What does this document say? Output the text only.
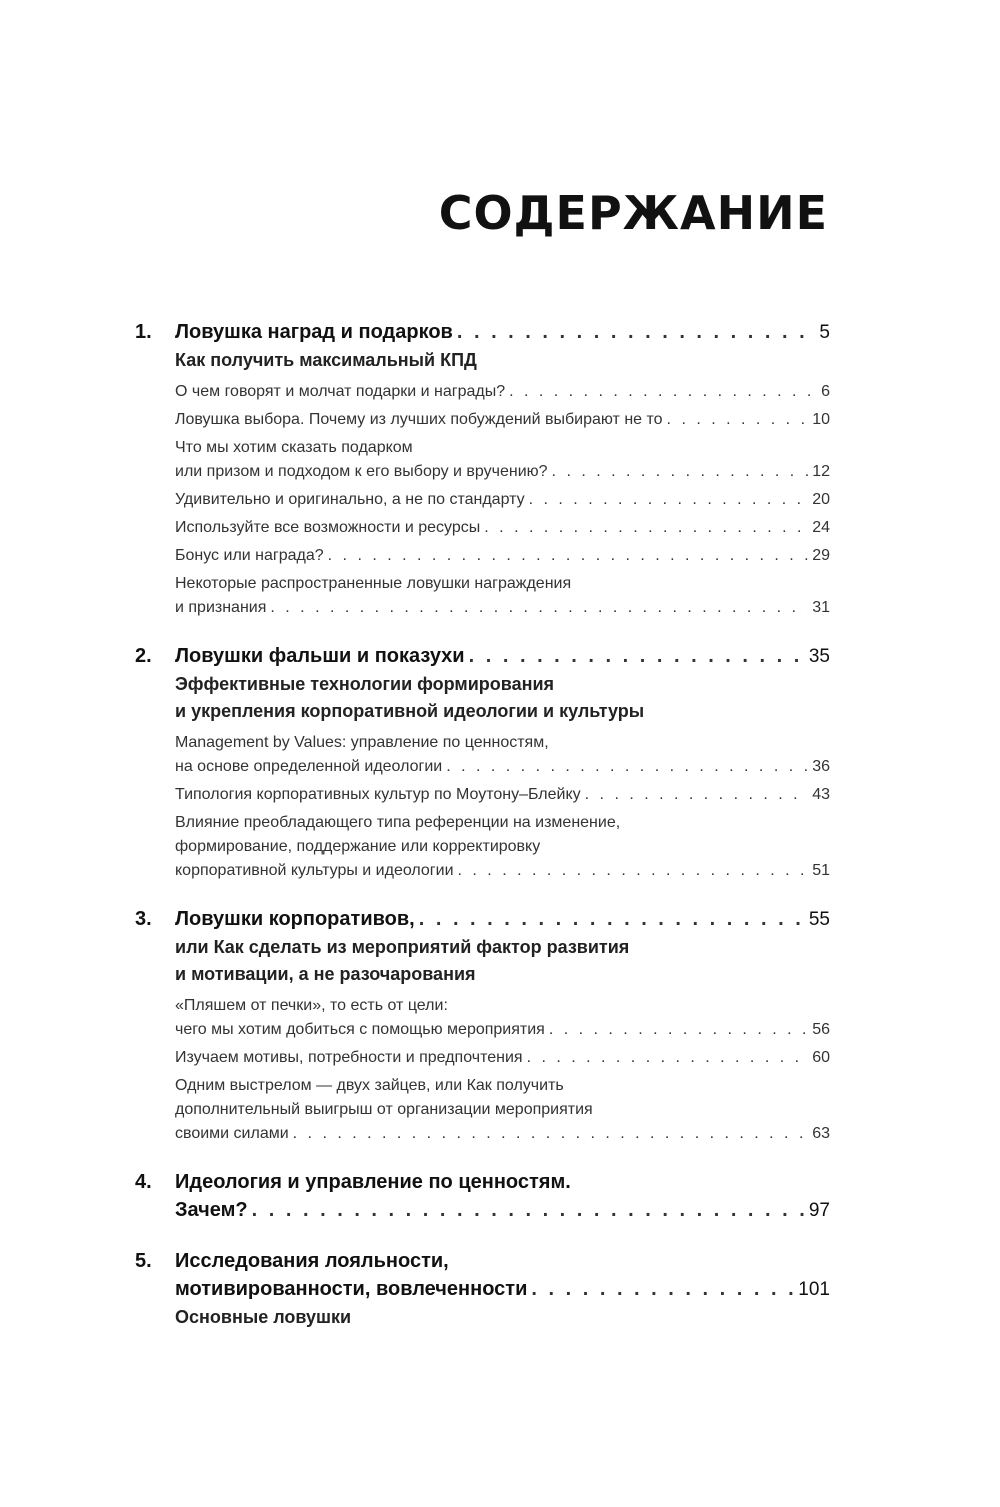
СОДЕРЖАНИЕ
1. Ловушка наград и подарков . . .	5
Как получить максимальный КПД
О чем говорят и молчат подарки и награды? . . .	6
Ловушка выбора. Почему из лучших побуждений выбирают не то . . .	10
Что мы хотим сказать подарком
или призом и подходом к его выбору и вручению? . . .	12
Удивительно и оригинально, а не по стандарту . . .	20
Используйте все возможности и ресурсы . . .	24
Бонус или награда? . . .	29
Некоторые распространенные ловушки награждения
и признания . . .	31
2. Ловушки фальши и показухи . . .	35
Эффективные технологии формирования
и укрепления корпоративной идеологии и культуры
Management by Values: управление по ценностям,
на основе определенной идеологии . . .	36
Типология корпоративных культур по Моутону–Блейку . . .	43
Влияние преобладающего типа референции на изменение,
формирование, поддержание или корректировку
корпоративной культуры и идеологии . . .	51
3. Ловушки корпоративов, . . .	55
или Как сделать из мероприятий фактор развития
и мотивации, а не разочарования
«Пляшем от печки», то есть от цели:
чего мы хотим добиться с помощью мероприятия . . .	56
Изучаем мотивы, потребности и предпочтения . . .	60
Одним выстрелом — двух зайцев, или Как получить
дополнительный выигрыш от организации мероприятия
своими силами . . .	63
4. Идеология и управление по ценностям.
Зачем? . . .	97
5. Исследования лояльности,
мотивированности, вовлеченности . . .	101
Основные ловушки
